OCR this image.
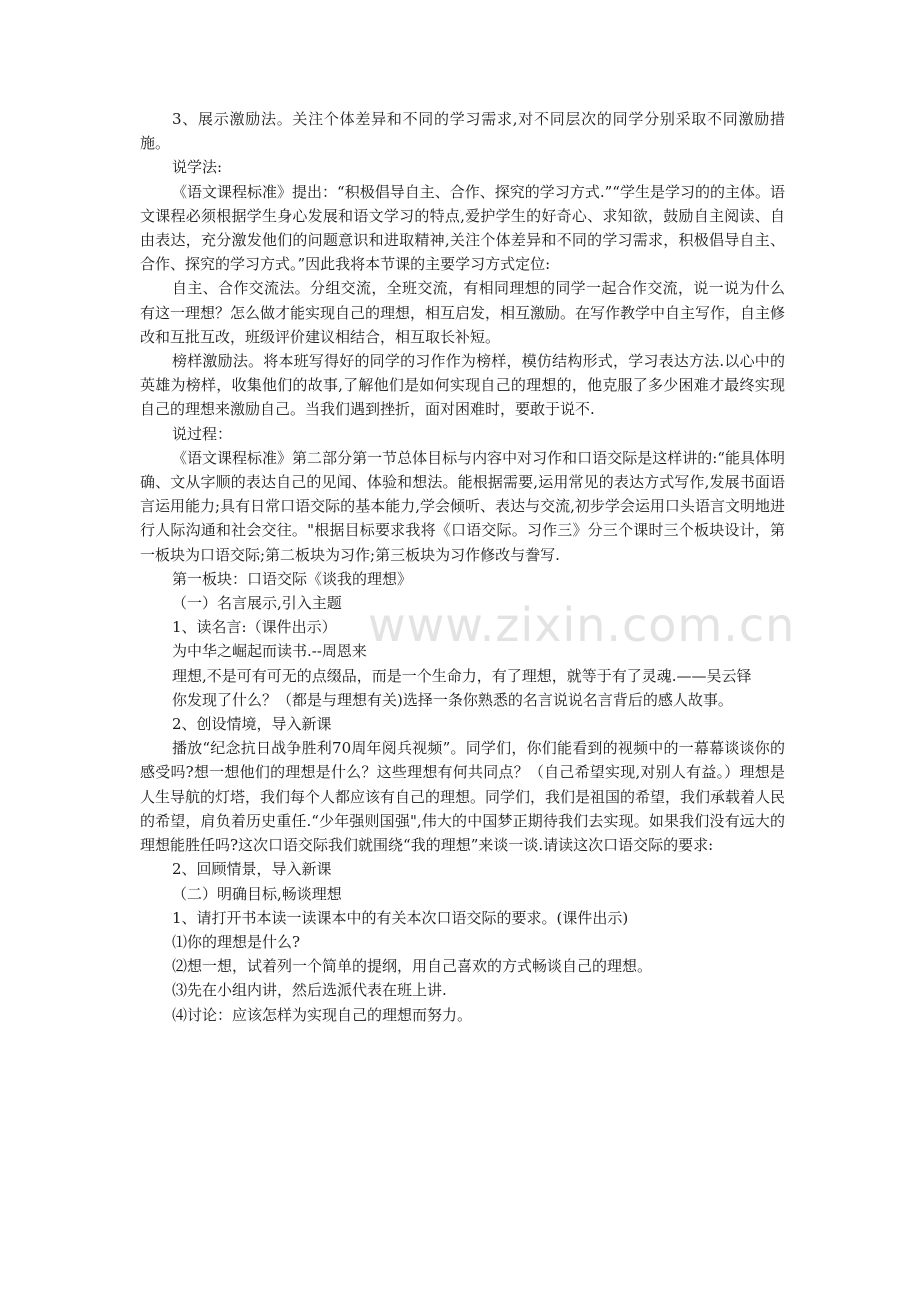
www.zixin.com.cn

3、展示激励法。关注个体差异和不同的学习需求,对不同层次的同学分别采取不同激励措施。

说学法:

《语文课程标准》提出：“积极倡导自主、合作、探究的学习方式.”“学生是学习的的主体。语文课程必须根据学生身心发展和语文学习的特点,爱护学生的好奇心、求知欲，鼓励自主阅读、自由表达，充分激发他们的问题意识和进取精神,关注个体差异和不同的学习需求，积极倡导自主、合作、探究的学习方式。”因此我将本节课的主要学习方式定位:

自主、合作交流法。分组交流，全班交流，有相同理想的同学一起合作交流，说一说为什么有这一理想？怎么做才能实现自己的理想，相互启发，相互激励。在写作教学中自主写作，自主修改和互批互改，班级评价建议相结合，相互取长补短。

榜样激励法。将本班写得好的同学的习作作为榜样，模仿结构形式，学习表达方法.以心中的英雄为榜样，收集他们的故事,了解他们是如何实现自己的理想的，他克服了多少困难才最终实现自己的理想来激励自己。当我们遇到挫折，面对困难时，要敢于说不.

说过程：

《语文课程标准》第二部分第一节总体目标与内容中对习作和口语交际是这样讲的:“能具体明确、文从字顺的表达自己的见闻、体验和想法。能根据需要,运用常见的表达方式写作,发展书面语言运用能力;具有日常口语交际的基本能力,学会倾听、表达与交流,初步学会运用口头语言文明地进行人际沟通和社会交往。"根据目标要求我将《口语交际。习作三》分三个课时三个板块设计，第一板块为口语交际;第二板块为习作;第三板块为习作修改与誊写.

第一板块：口语交际《谈我的理想》

（一）名言展示,引入主题

1、读名言:（课件出示）

为中华之崛起而读书.--周恩来

理想,不是可有可无的点缀品，而是一个生命力，有了理想，就等于有了灵魂.——吴云铎

你发现了什么？（都是与理想有关)选择一条你熟悉的名言说说名言背后的感人故事。

2、创设情境，导入新课

播放“纪念抗日战争胜利70周年阅兵视频”。同学们，你们能看到的视频中的一幕幕谈谈你的感受吗?想一想他们的理想是什么？这些理想有何共同点？（自己希望实现,对别人有益。）理想是人生导航的灯塔，我们每个人都应该有自己的理想。同学们，我们是祖国的希望，我们承载着人民的希望，肩负着历史重任.“少年强则国强",伟大的中国梦正期待我们去实现。如果我们没有远大的理想能胜任吗?这次口语交际我们就围绕“我的理想”来谈一谈.请读这次口语交际的要求:

2、回顾情景，导入新课

（二）明确目标,畅谈理想

1、请打开书本读一读课本中的有关本次口语交际的要求。(课件出示)

⑴你的理想是什么?

⑵想一想，试着列一个简单的提纲，用自己喜欢的方式畅谈自己的理想。

⑶先在小组内讲，然后选派代表在班上讲.

⑷讨论：应该怎样为实现自己的理想而努力。
